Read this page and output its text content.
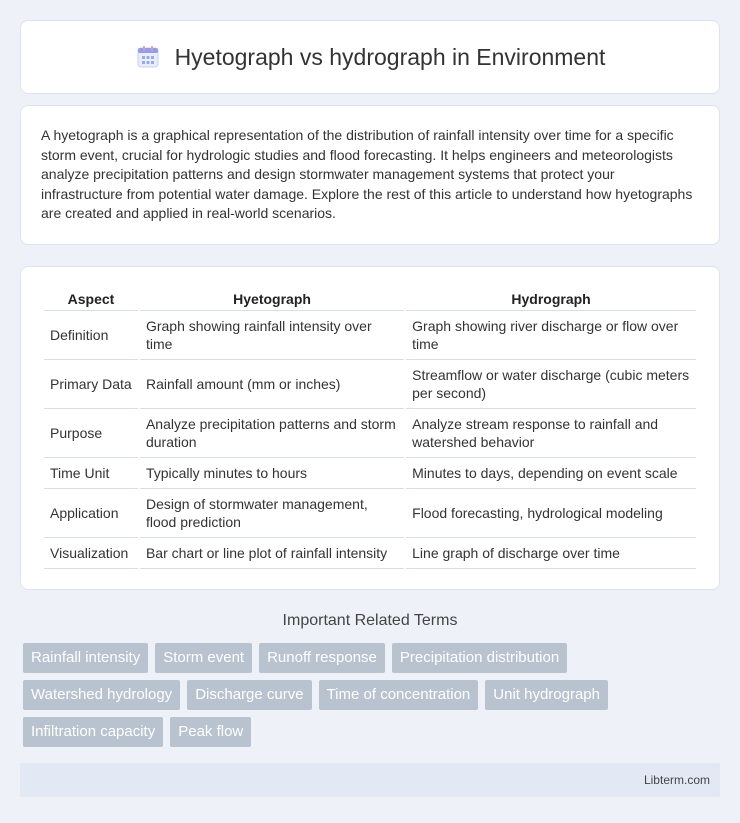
Hyetograph vs hydrograph in Environment

A hyetograph is a graphical representation of the distribution of rainfall intensity over time for a specific storm event, crucial for hydrologic studies and flood forecasting. It helps engineers and meteorologists analyze precipitation patterns and design stormwater management systems that protect your infrastructure from potential water damage. Explore the rest of this article to understand how hyetographs are created and applied in real-world scenarios.

Aspect	Hyetograph	Hydrograph
Definition	Graph showing rainfall intensity over time	Graph showing river discharge or flow over time
Primary Data	Rainfall amount (mm or inches)	Streamflow or water discharge (cubic meters per second)
Purpose	Analyze precipitation patterns and storm duration	Analyze stream response to rainfall and watershed behavior
Time Unit	Typically minutes to hours	Minutes to days, depending on event scale
Application	Design of stormwater management, flood prediction	Flood forecasting, hydrological modeling
Visualization	Bar chart or line plot of rainfall intensity	Line graph of discharge over time
Important Related Terms
Rainfall intensity	Storm event	Runoff response	Precipitation distribution
Watershed hydrology	Discharge curve	Time of concentration	Unit hydrograph
Infiltration capacity	Peak flow
Libterm.com
